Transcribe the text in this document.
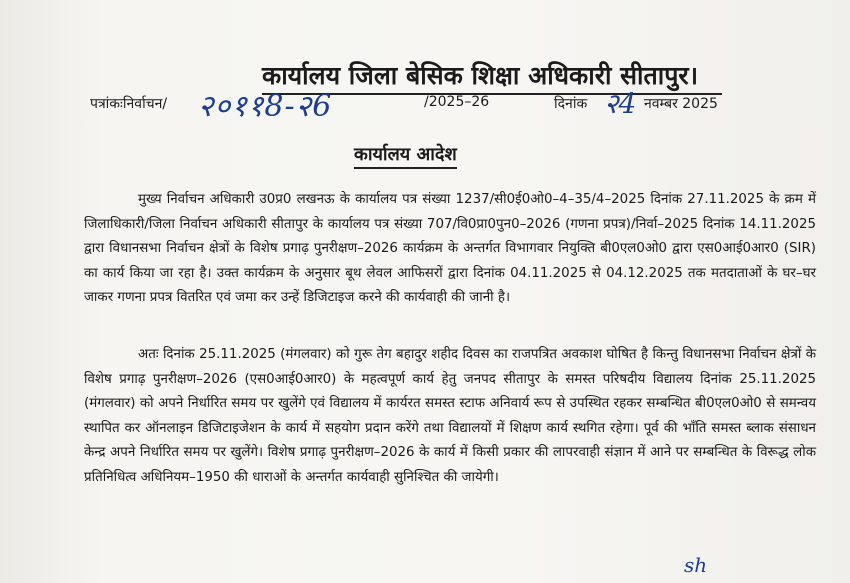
कार्यालय जिला बेसिक शिक्षा अधिकारी सीतापुर।
पत्रांकःनिर्वाचन/ २०११8-२6	/2025–26	दिनांक २4 नवम्बर 2025
कार्यालय आदेश

मुख्य निर्वाचन अधिकारी उ0प्र0 लखनऊ के कार्यालय पत्र संख्या 1237/सी0ई0ओ0–4–35/4–2025 दिनांक 27.11.2025 के क्रम में जिलाधिकारी/जिला निर्वाचन अधिकारी सीतापुर के कार्यालय पत्र संख्या 707/वि0प्रा0पुन0–2026 (गणना प्रपत्र)/निर्वा–2025 दिनांक 14.11.2025 द्वारा विधानसभा निर्वाचन क्षेत्रों के विशेष प्रगाढ़ पुनरीक्षण–2026 कार्यक्रम के अन्तर्गत विभागवार नियुक्ति बी0एल0ओ0 द्वारा एस0आई0आर0 (SIR) का कार्य किया जा रहा है। उक्त कार्यक्रम के अनुसार बूथ लेवल आफिसरों द्वारा दिनांक 04.11.2025 से 04.12.2025 तक मतदाताओं के घर–घर जाकर गणना प्रपत्र वितरित एवं जमा कर उन्हें डिजिटाइज करने की कार्यवाही की जानी है।

अतः दिनांक 25.11.2025 (मंगलवार) को गुरू तेग बहादुर शहीद दिवस का राजपत्रित अवकाश घोषित है किन्तु विधानसभा निर्वाचन क्षेत्रों के विशेष प्रगाढ़ पुनरीक्षण–2026 (एस0आई0आर0) के महत्वपूर्ण कार्य हेतु जनपद सीतापुर के समस्त परिषदीय विद्यालय दिनांक 25.11.2025 (मंगलवार) को अपने निर्धारित समय पर खुलेंगे एवं विद्यालय में कार्यरत समस्त स्टाफ अनिवार्य रूप से उपस्थित रहकर सम्बन्धित बी0एल0ओ0 से समन्वय स्थापित कर ऑनलाइन डिजिटाइजेशन के कार्य में सहयोग प्रदान करेंगे तथा विद्यालयों में शिक्षण कार्य स्थगित रहेगा। पूर्व की भाँति समस्त ब्लाक संसाधन केन्द्र अपने निर्धारित समय पर खुलेंगे। विशेष प्रगाढ़ पुनरीक्षण–2026 के कार्य में किसी प्रकार की लापरवाही संज्ञान में आने पर सम्बन्धित के विरूद्ध लोक प्रतिनिधित्व अधिनियम–1950 की धाराओं के अन्तर्गत कार्यवाही सुनिश्चित की जायेगी।

sh
